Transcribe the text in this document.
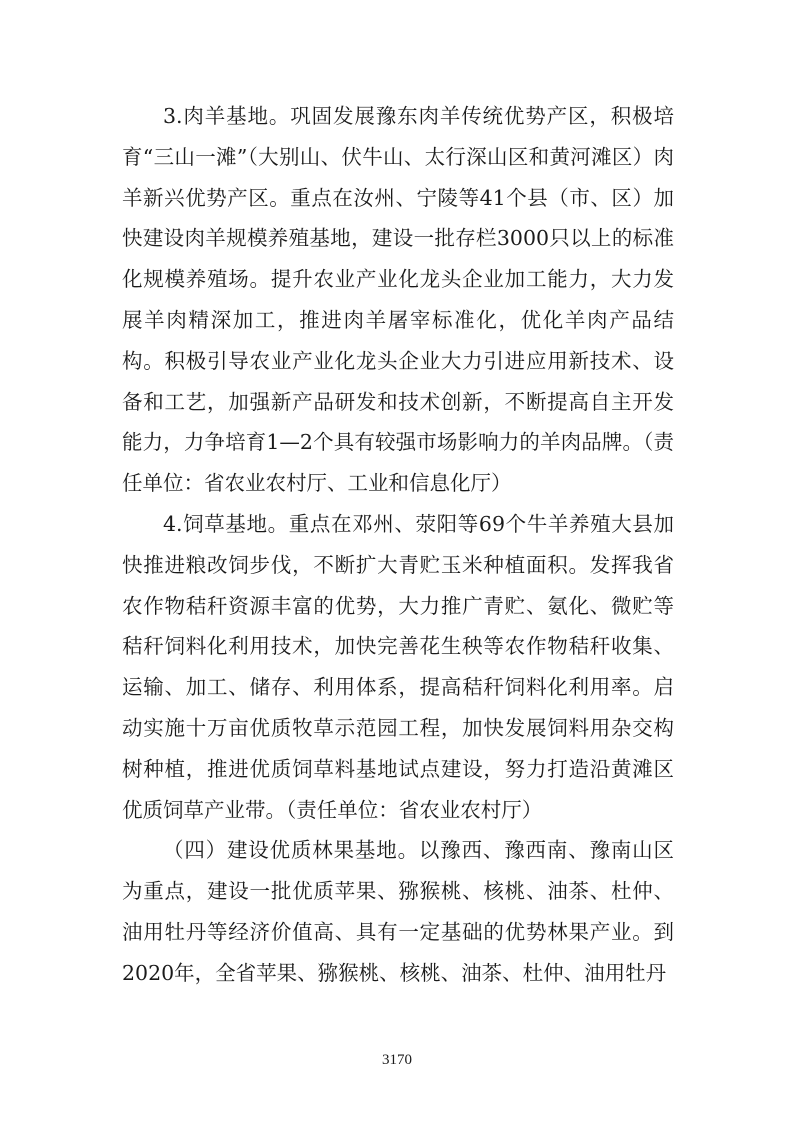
3.肉羊基地。巩固发展豫东肉羊传统优势产区，积极培育“三山一滩”（大别山、伏牛山、太行深山区和黄河滩区）肉羊新兴优势产区。重点在汝州、宁陵等41个县（市、区）加快建设肉羊规模养殖基地，建设一批存栏3000只以上的标准化规模养殖场。提升农业产业化龙头企业加工能力，大力发展羊肉精深加工，推进肉羊屠宰标准化，优化羊肉产品结构。积极引导农业产业化龙头企业大力引进应用新技术、设备和工艺，加强新产品研发和技术创新，不断提高自主开发能力，力争培育1—2个具有较强市场影响力的羊肉品牌。（责任单位：省农业农村厅、工业和信息化厅）

4.饲草基地。重点在邓州、荥阳等69个牛羊养殖大县加快推进粮改饲步伐，不断扩大青贮玉米种植面积。发挥我省农作物秸秆资源丰富的优势，大力推广青贮、氨化、微贮等秸秆饲料化利用技术，加快完善花生秧等农作物秸秆收集、运输、加工、储存、利用体系，提高秸秆饲料化利用率。启动实施十万亩优质牧草示范园工程，加快发展饲料用杂交构树种植，推进优质饲草料基地试点建设，努力打造沿黄滩区优质饲草产业带。（责任单位：省农业农村厅）

（四）建设优质林果基地。以豫西、豫西南、豫南山区为重点，建设一批优质苹果、猕猴桃、核桃、油茶、杜仲、油用牡丹等经济价值高、具有一定基础的优势林果产业。到2020年，全省苹果、猕猴桃、核桃、油茶、杜仲、油用牡丹

3170
